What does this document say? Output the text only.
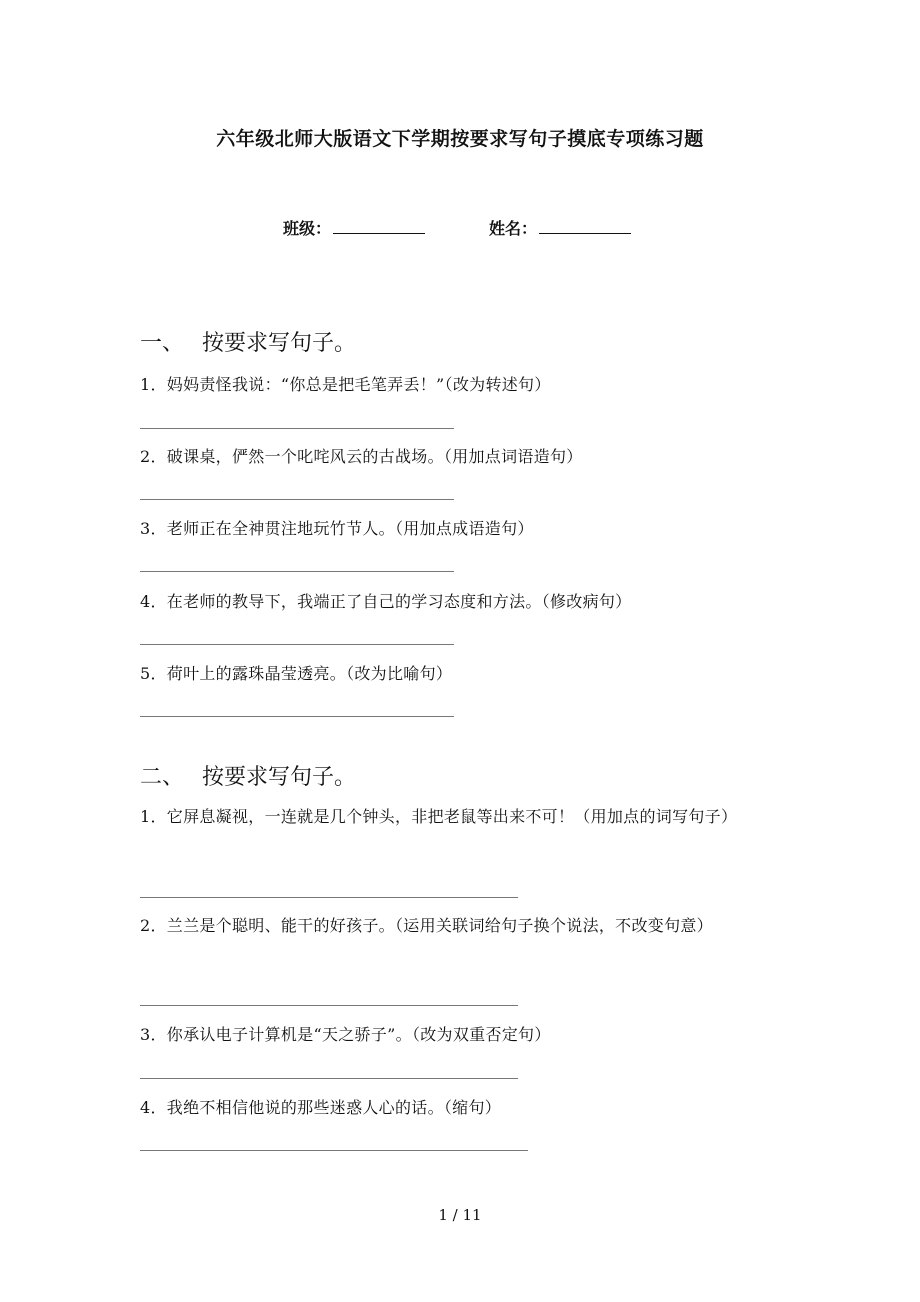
六年级北师大版语文下学期按要求写句子摸底专项练习题
班级：	姓名：
一、 按要求写句子。
1．妈妈责怪我说：“你总是把毛笔弄丢！”（改为转述句）
2．破课桌，俨然一个叱咤风云的古战场。（用加点词语造句）
3．老师正在全神贯注地玩竹节人。（用加点成语造句）
4．在老师的教导下，我端正了自己的学习态度和方法。（修改病句）
5．荷叶上的露珠晶莹透亮。（改为比喻句）
二、 按要求写句子。
1．它屏息凝视，一连就是几个钟头，非把老鼠等出来不可！（用加点的词写句子）
2．兰兰是个聪明、能干的好孩子。（运用关联词给句子换个说法，不改变句意）
3．你承认电子计算机是“天之骄子”。（改为双重否定句）
4．我绝不相信他说的那些迷惑人心的话。（缩句）
1 / 11
